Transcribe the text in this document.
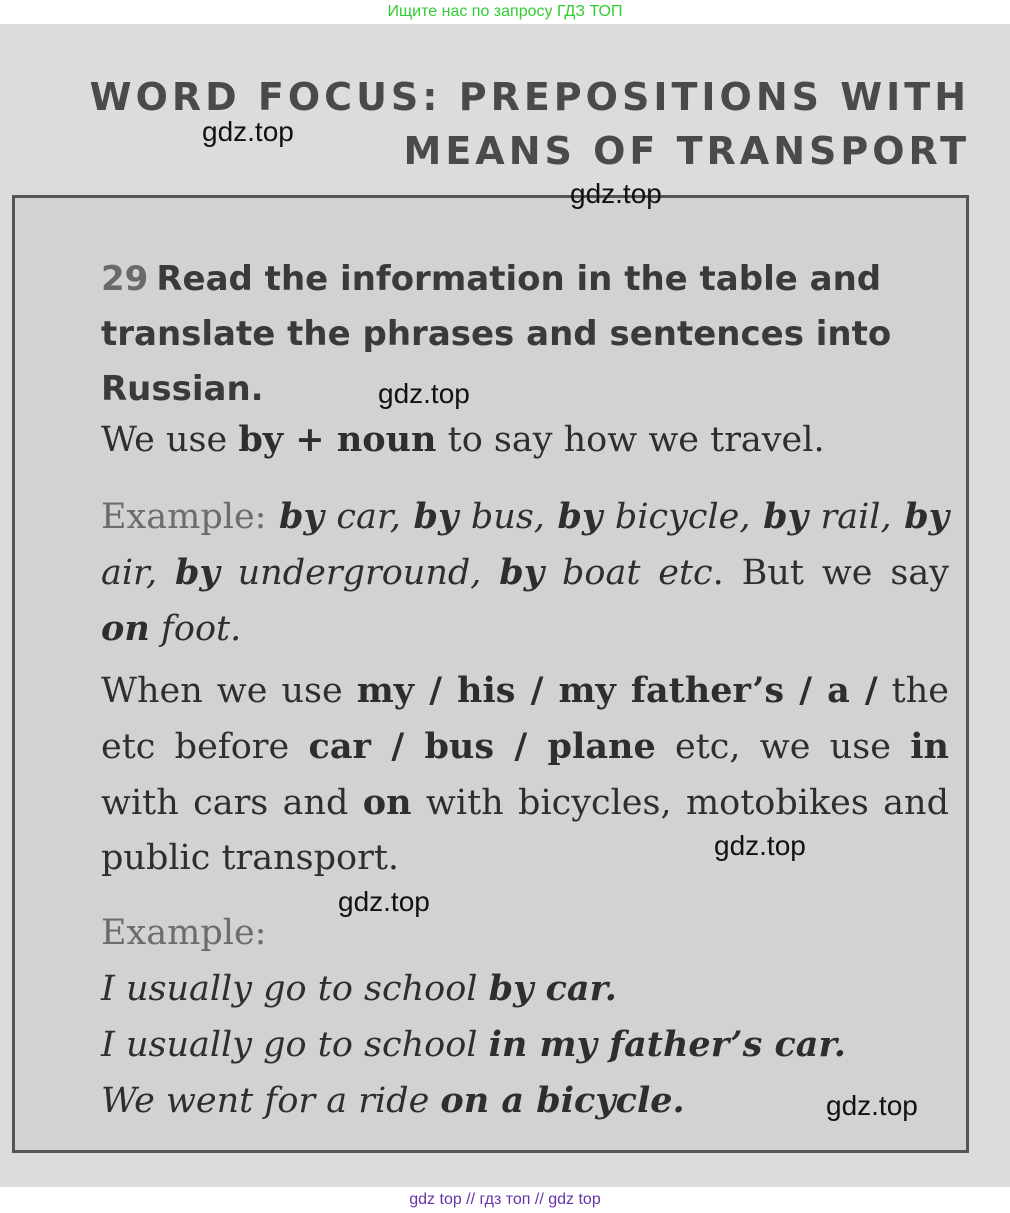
Ищите нас по запросу ГДЗ ТОП
WORD FOCUS: PREPOSITIONS WITH
MEANS OF TRANSPORT
29 Read the information in the table and translate the phrases and sentences into Russian.
We use by + noun to say how we travel.
Example: by car, by bus, by bicycle, by rail, by air, by underground, by boat etc. But we say on foot.
When we use my / his / my father’s / a / the etc before car / bus / plane etc, we use in with cars and on with bicycles, motobikes and public transport.
Example:
I usually go to school by car.
I usually go to school in my father’s car.
We went for a ride on a bicycle.
gdz.top
gdz.top
gdz.top
gdz.top
gdz.top
gdz.top
gdz top // гдз топ // gdz top
